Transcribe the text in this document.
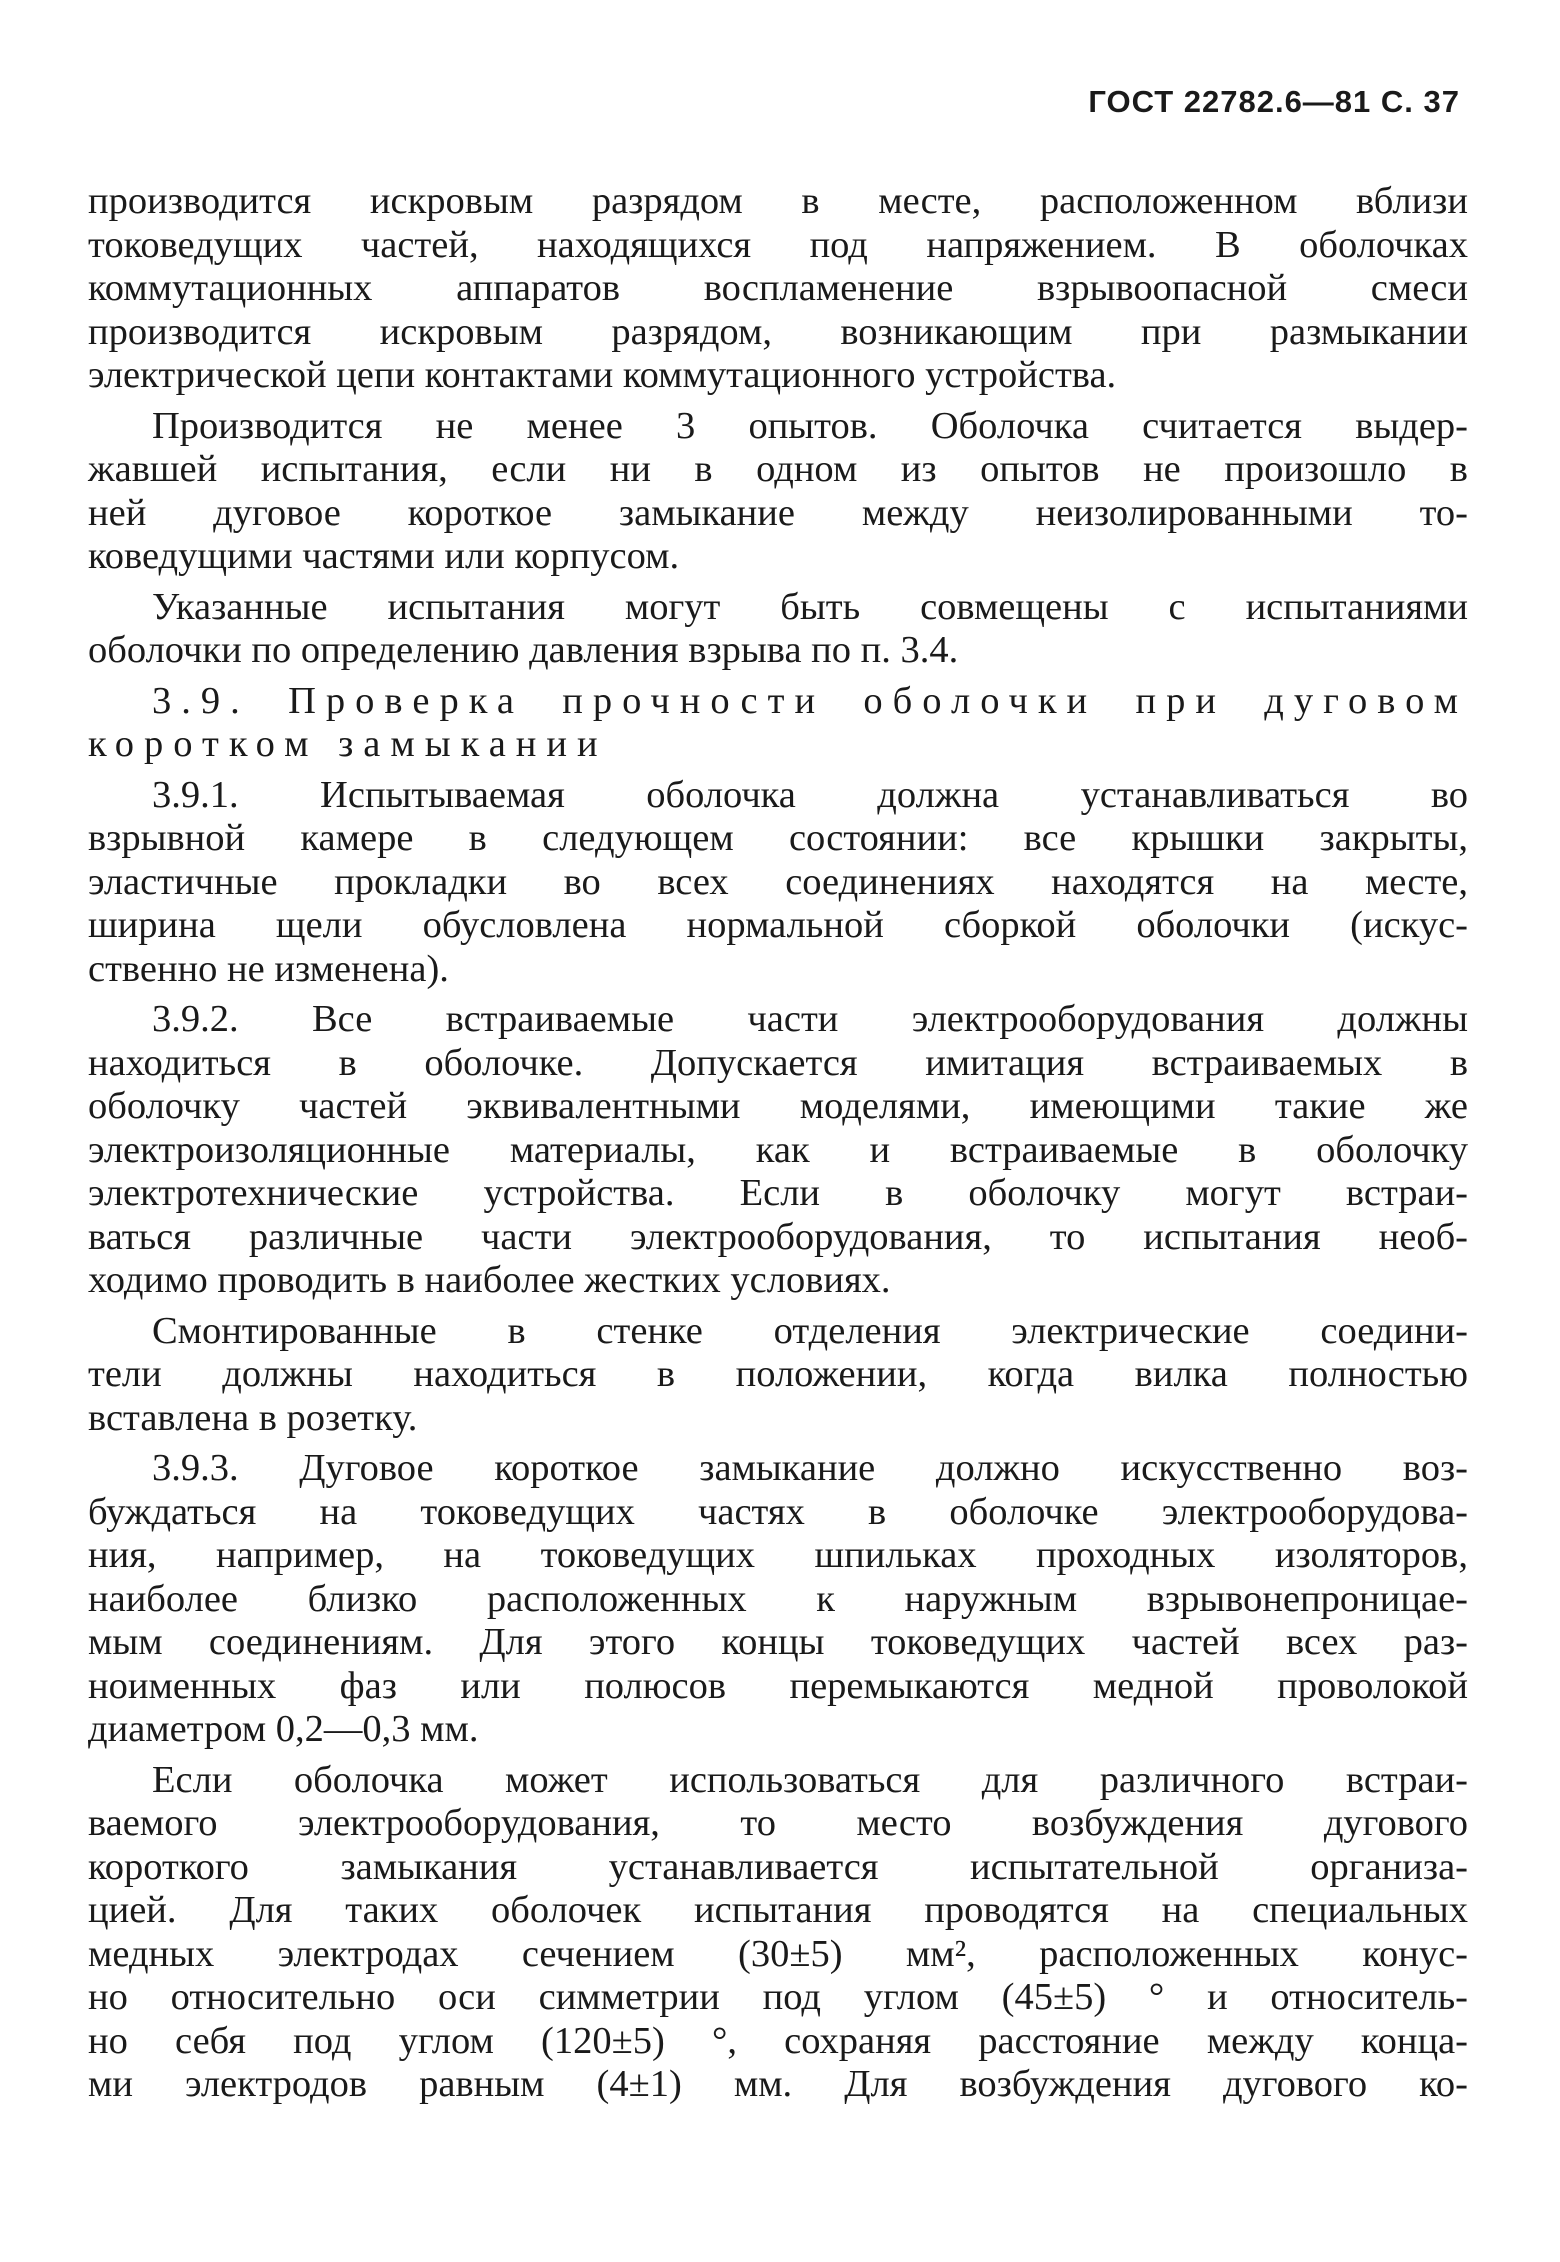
ГОСТ 22782.6—81 С. 37
производится искровым разрядом в месте, расположенном вблизи
токоведущих частей, находящихся под напряжением. В оболочках
коммутационных аппаратов воспламенение взрывоопасной смеси
производится искровым разрядом, возникающим при размыкании
электрической цепи контактами коммутационного устройства.
Производится не менее 3 опытов. Оболочка считается выдер-
жавшей испытания, если ни в одном из опытов не произошло в
ней дуговое короткое замыкание между неизолированными то-
коведущими частями или корпусом.
Указанные испытания могут быть совмещены с испытаниями
оболочки по определению давления взрыва по п. 3.4.
3.9. Проверка прочности оболочки при дуговом
коротком замыкании
3.9.1. Испытываемая оболочка должна устанавливаться во
взрывной камере в следующем состоянии: все крышки закрыты,
эластичные прокладки во всех соединениях находятся на месте,
ширина щели обусловлена нормальной сборкой оболочки (искус-
ственно не изменена).
3.9.2. Все встраиваемые части электрооборудования должны
находиться в оболочке. Допускается имитация встраиваемых в
оболочку частей эквивалентными моделями, имеющими такие же
электроизоляционные материалы, как и встраиваемые в оболочку
электротехнические устройства. Если в оболочку могут встраи-
ваться различные части электрооборудования, то испытания необ-
ходимо проводить в наиболее жестких условиях.
Смонтированные в стенке отделения электрические соедини-
тели должны находиться в положении, когда вилка полностью
вставлена в розетку.
3.9.3. Дуговое короткое замыкание должно искусственно воз-
буждаться на токоведущих частях в оболочке электрооборудова-
ния, например, на токоведущих шпильках проходных изоляторов,
наиболее близко расположенных к наружным взрывонепроницае-
мым соединениям. Для этого концы токоведущих частей всех раз-
ноименных фаз или полюсов перемыкаются медной проволокой
диаметром 0,2—0,3 мм.
Если оболочка может использоваться для различного встраи-
ваемого электрооборудования, то место возбуждения дугового
короткого замыкания устанавливается испытательной организа-
цией. Для таких оболочек испытания проводятся на специальных
медных электродах сечением (30±5) мм², расположенных конус-
но относительно оси симметрии под углом (45±5) ° и относитель-
но себя под углом (120±5) °, сохраняя расстояние между конца-
ми электродов равным (4±1) мм. Для возбуждения дугового ко-
